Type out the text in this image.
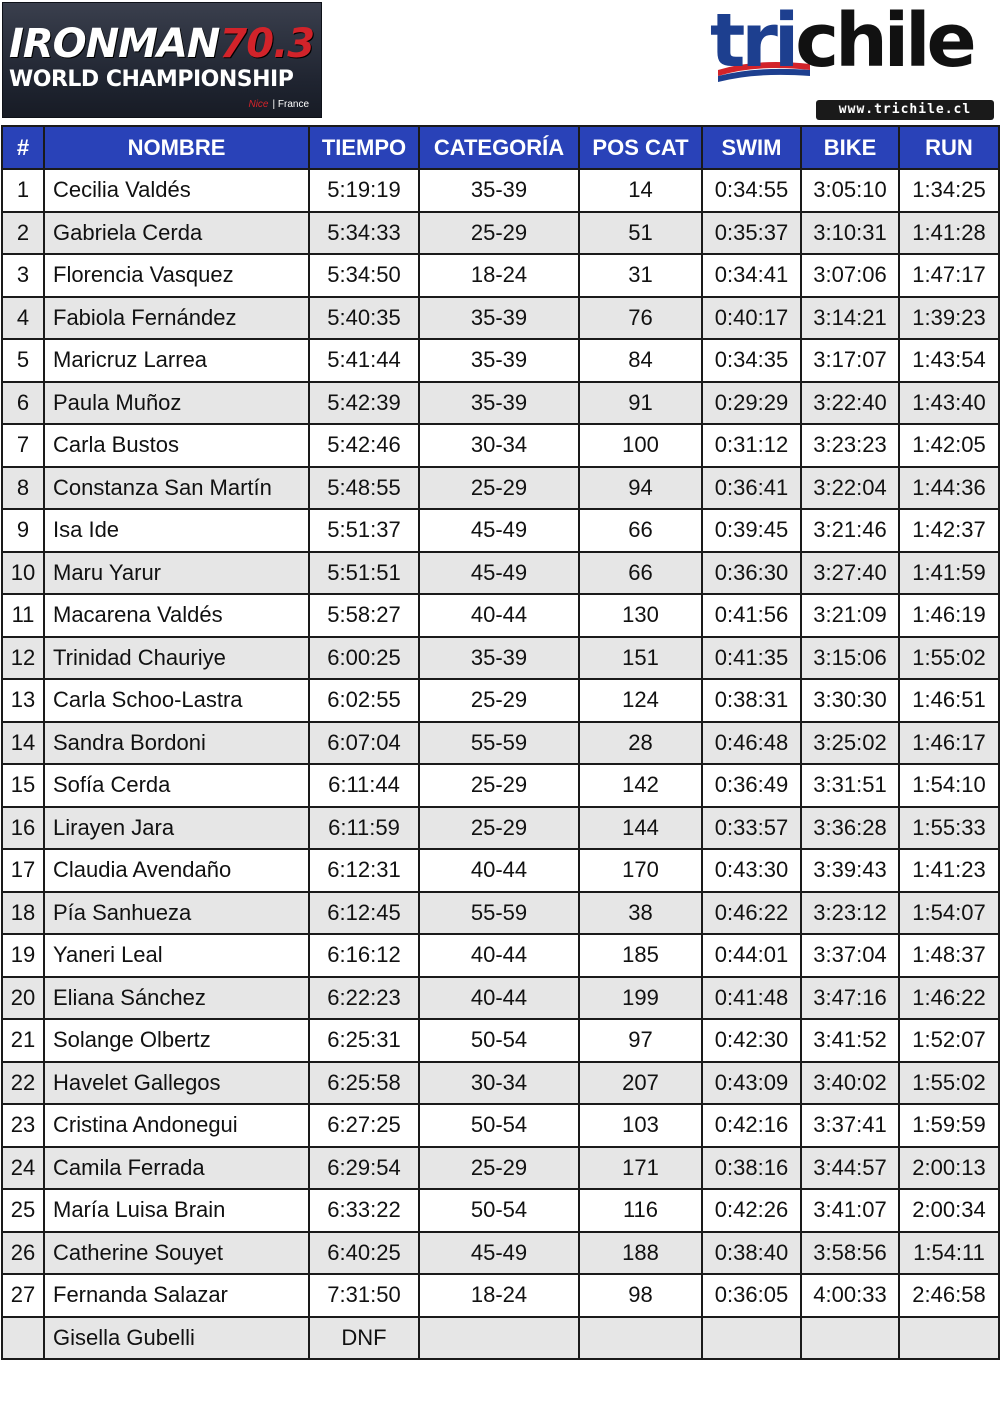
IRONMAN70.3
WORLD CHAMPIONSHIP
Nice | France
trichile
www.trichile.cl
#	NOMBRE	TIEMPO	CATEGORÍA	POS CAT	SWIM	BIKE	RUN
1	Cecilia Valdés	5:19:19	35-39	14	0:34:55	3:05:10	1:34:25
2	Gabriela Cerda	5:34:33	25-29	51	0:35:37	3:10:31	1:41:28
3	Florencia Vasquez	5:34:50	18-24	31	0:34:41	3:07:06	1:47:17
4	Fabiola Fernández	5:40:35	35-39	76	0:40:17	3:14:21	1:39:23
5	Maricruz Larrea	5:41:44	35-39	84	0:34:35	3:17:07	1:43:54
6	Paula Muñoz	5:42:39	35-39	91	0:29:29	3:22:40	1:43:40
7	Carla Bustos	5:42:46	30-34	100	0:31:12	3:23:23	1:42:05
8	Constanza San Martín	5:48:55	25-29	94	0:36:41	3:22:04	1:44:36
9	Isa Ide	5:51:37	45-49	66	0:39:45	3:21:46	1:42:37
10	Maru Yarur	5:51:51	45-49	66	0:36:30	3:27:40	1:41:59
11	Macarena Valdés	5:58:27	40-44	130	0:41:56	3:21:09	1:46:19
12	Trinidad Chauriye	6:00:25	35-39	151	0:41:35	3:15:06	1:55:02
13	Carla Schoo-Lastra	6:02:55	25-29	124	0:38:31	3:30:30	1:46:51
14	Sandra Bordoni	6:07:04	55-59	28	0:46:48	3:25:02	1:46:17
15	Sofía Cerda	6:11:44	25-29	142	0:36:49	3:31:51	1:54:10
16	Lirayen Jara	6:11:59	25-29	144	0:33:57	3:36:28	1:55:33
17	Claudia Avendaño	6:12:31	40-44	170	0:43:30	3:39:43	1:41:23
18	Pía Sanhueza	6:12:45	55-59	38	0:46:22	3:23:12	1:54:07
19	Yaneri Leal	6:16:12	40-44	185	0:44:01	3:37:04	1:48:37
20	Eliana Sánchez	6:22:23	40-44	199	0:41:48	3:47:16	1:46:22
21	Solange Olbertz	6:25:31	50-54	97	0:42:30	3:41:52	1:52:07
22	Havelet Gallegos	6:25:58	30-34	207	0:43:09	3:40:02	1:55:02
23	Cristina Andonegui	6:27:25	50-54	103	0:42:16	3:37:41	1:59:59
24	Camila Ferrada	6:29:54	25-29	171	0:38:16	3:44:57	2:00:13
25	María Luisa Brain	6:33:22	50-54	116	0:42:26	3:41:07	2:00:34
26	Catherine Souyet	6:40:25	45-49	188	0:38:40	3:58:56	1:54:11
27	Fernanda Salazar	7:31:50	18-24	98	0:36:05	4:00:33	2:46:58
	Gisella Gubelli	DNF					
